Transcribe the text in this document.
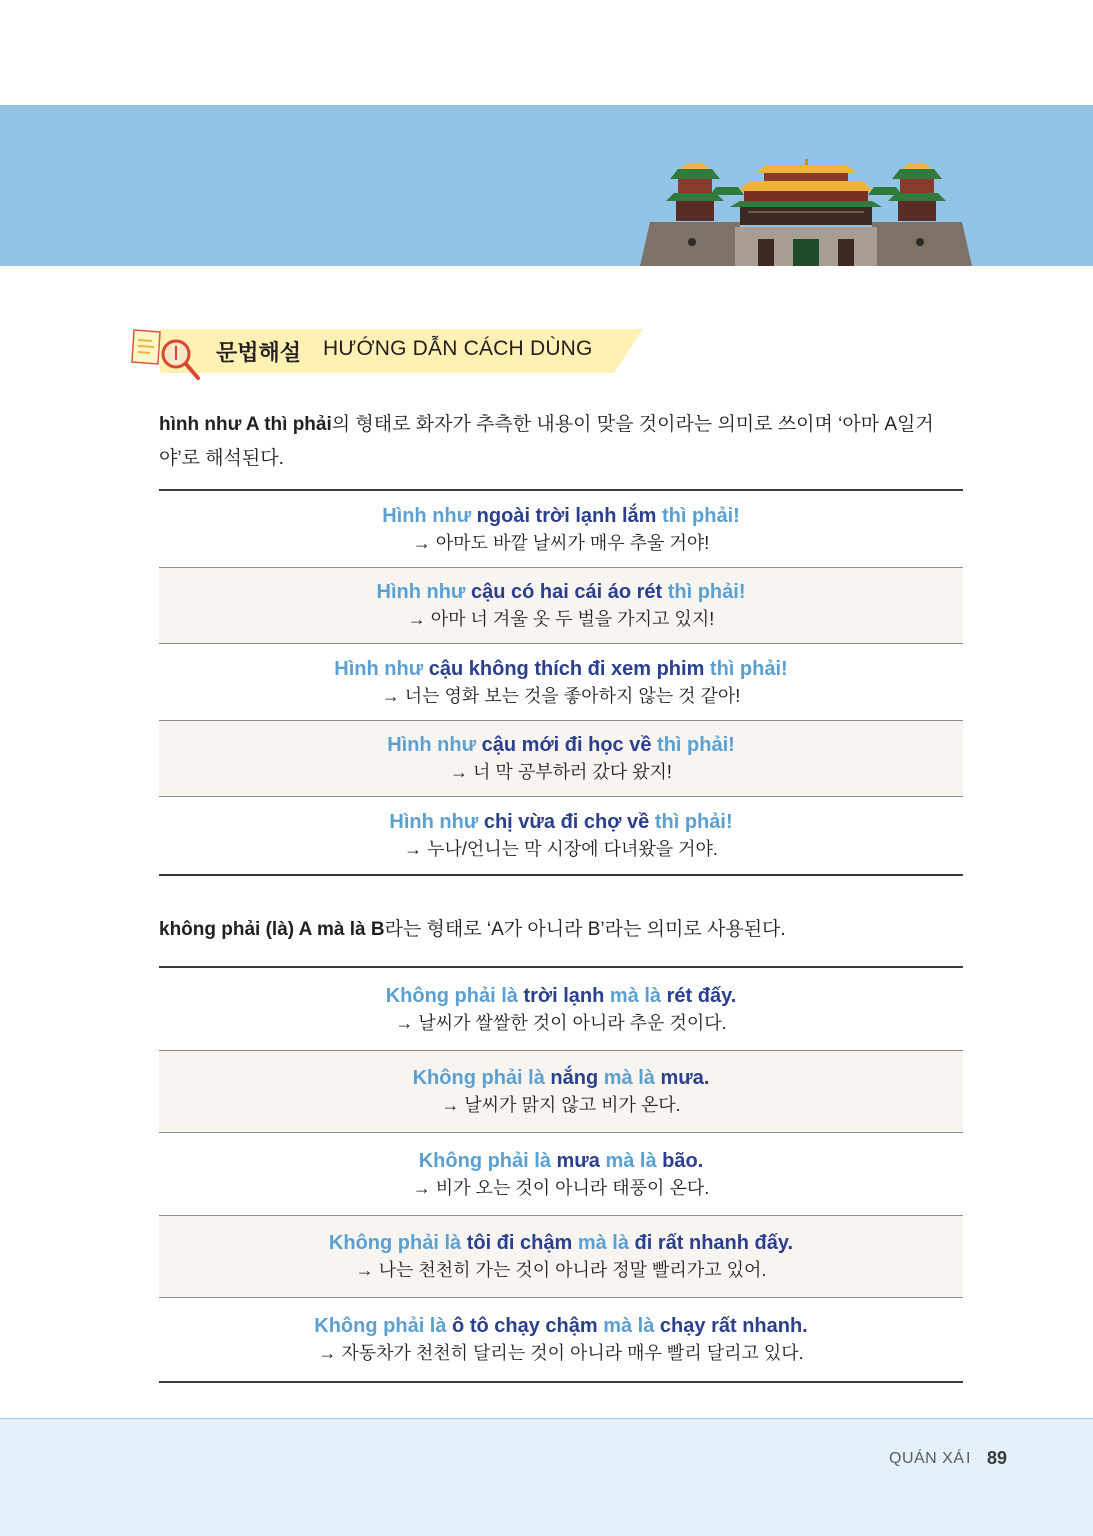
문법해설 HƯỚNG DẪN CÁCH DÙNG
hình như A thì phải의 형태로 화자가 추측한 내용이 맞을 것이라는 의미로 쓰이며 ‘아마 A일거
야’로 해석된다.
Hình như ngoài trời lạnh lắm thì phải!
→ 아마도 바깥 날씨가 매우 추울 거야!
Hình như cậu có hai cái áo rét thì phải!
→ 아마 너 겨울 옷 두 벌을 가지고 있지!
Hình như cậu không thích đi xem phim thì phải!
→ 너는 영화 보는 것을 좋아하지 않는 것 같아!
Hình như cậu mới đi học về thì phải!
→ 너 막 공부하러 갔다 왔지!
Hình như chị vừa đi chợ về thì phải!
→ 누나/언니는 막 시장에 다녀왔을 거야.
không phải (là) A mà là B라는 형태로 ‘A가 아니라 B’라는 의미로 사용된다.
Không phải là trời lạnh mà là rét đấy.
→ 날씨가 쌀쌀한 것이 아니라 추운 것이다.
Không phải là nắng mà là mưa.
→ 날씨가 맑지 않고 비가 온다.
Không phải là mưa mà là bão.
→ 비가 오는 것이 아니라 태풍이 온다.
Không phải là tôi đi chậm mà là đi rất nhanh đấy.
→ 나는 천천히 가는 것이 아니라 정말 빨리가고 있어.
Không phải là ô tô chạy chậm mà là chạy rất nhanh.
→ 자동차가 천천히 달리는 것이 아니라 매우 빨리 달리고 있다.
QUÁN XÁ I 89
